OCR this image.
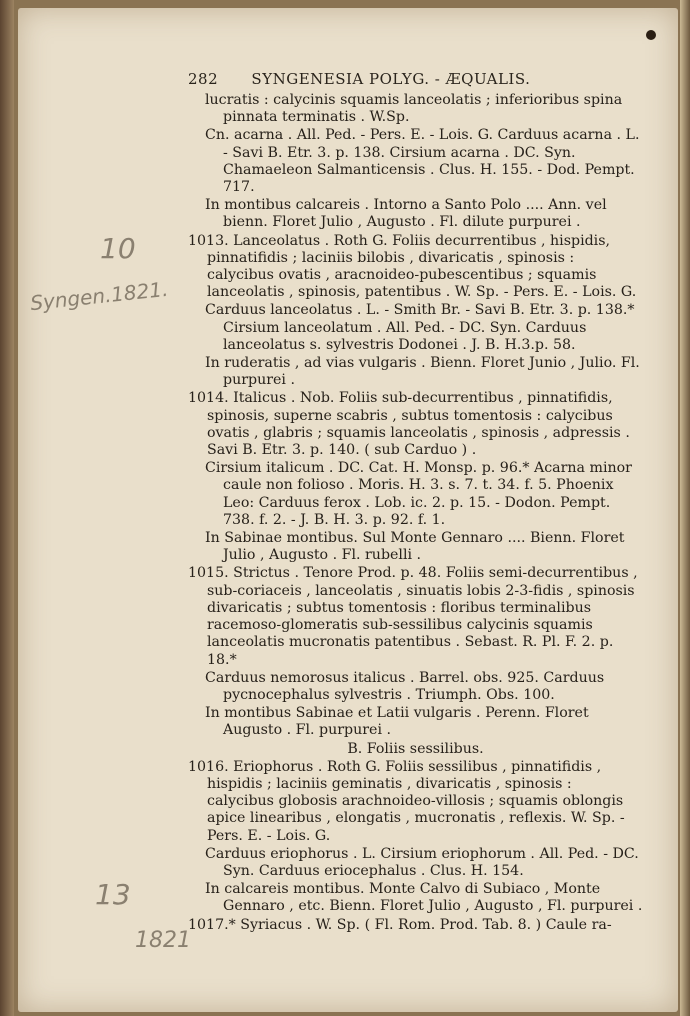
282 SYNGENESIA POLYG. - ÆQUALIS.
10
Syngen.1821.
13
1821
lucratis : calycinis squamis lanceolatis ; inferioribus spina pinnata terminatis . W.Sp.
Cn. acarna . All. Ped. - Pers. E. - Lois. G. Carduus acarna . L. - Savi B. Etr. 3. p. 138. Cirsium acarna . DC. Syn. Chamaeleon Salmanticensis . Clus. H. 155. - Dod. Pempt. 717.
In montibus calcareis . Intorno a Santo Polo .... Ann. vel bienn. Floret Julio , Augusto . Fl. dilute purpurei .
1013. Lanceolatus . Roth G. Foliis decurrentibus , hispidis, pinnatifidis ; laciniis bilobis , divaricatis , spinosis : calycibus ovatis , aracnoideo-pubescentibus ; squamis lanceolatis , spinosis, patentibus . W. Sp. - Pers. E. - Lois. G.
Carduus lanceolatus . L. - Smith Br. - Savi B. Etr. 3. p. 138.* Cirsium lanceolatum . All. Ped. - DC. Syn. Carduus lanceolatus s. sylvestris Dodonei . J. B. H.3.p. 58.
In ruderatis , ad vias vulgaris . Bienn. Floret Junio , Julio. Fl. purpurei .
1014. Italicus . Nob. Foliis sub-decurrentibus , pinnatifidis, spinosis, superne scabris , subtus tomentosis : calycibus ovatis , glabris ; squamis lanceolatis , spinosis , adpressis . Savi B. Etr. 3. p. 140. ( sub Carduo ) .
Cirsium italicum . DC. Cat. H. Monsp. p. 96.* Acarna minor caule non folioso . Moris. H. 3. s. 7. t. 34. f. 5. Phoenix Leo: Carduus ferox . Lob. ic. 2. p. 15. - Dodon. Pempt. 738. f. 2. - J. B. H. 3. p. 92. f. 1.
In Sabinae montibus. Sul Monte Gennaro .... Bienn. Floret Julio , Augusto . Fl. rubelli .
1015. Strictus . Tenore Prod. p. 48. Foliis semi-decurrentibus , sub-coriaceis , lanceolatis , sinuatis lobis 2-3-fidis , spinosis divaricatis ; subtus tomentosis : floribus terminalibus racemoso-glomeratis sub-sessilibus calycinis squamis lanceolatis mucronatis patentibus . Sebast. R. Pl. F. 2. p. 18.*
Carduus nemorosus italicus . Barrel. obs. 925. Carduus pycnocephalus sylvestris . Triumph. Obs. 100.
In montibus Sabinae et Latii vulgaris . Perenn. Floret Augusto . Fl. purpurei .
B. Foliis sessilibus.
1016. Eriophorus . Roth G. Foliis sessilibus , pinnatifidis , hispidis ; laciniis geminatis , divaricatis , spinosis : calycibus globosis arachnoideo-villosis ; squamis oblongis apice linearibus , elongatis , mucronatis , reflexis. W. Sp. - Pers. E. - Lois. G.
Carduus eriophorus . L. Cirsium eriophorum . All. Ped. - DC. Syn. Carduus eriocephalus . Clus. H. 154.
In calcareis montibus. Monte Calvo di Subiaco , Monte Gennaro , etc. Bienn. Floret Julio , Augusto , Fl. purpurei .
1017.* Syriacus . W. Sp. ( Fl. Rom. Prod. Tab. 8. ) Caule ra-
